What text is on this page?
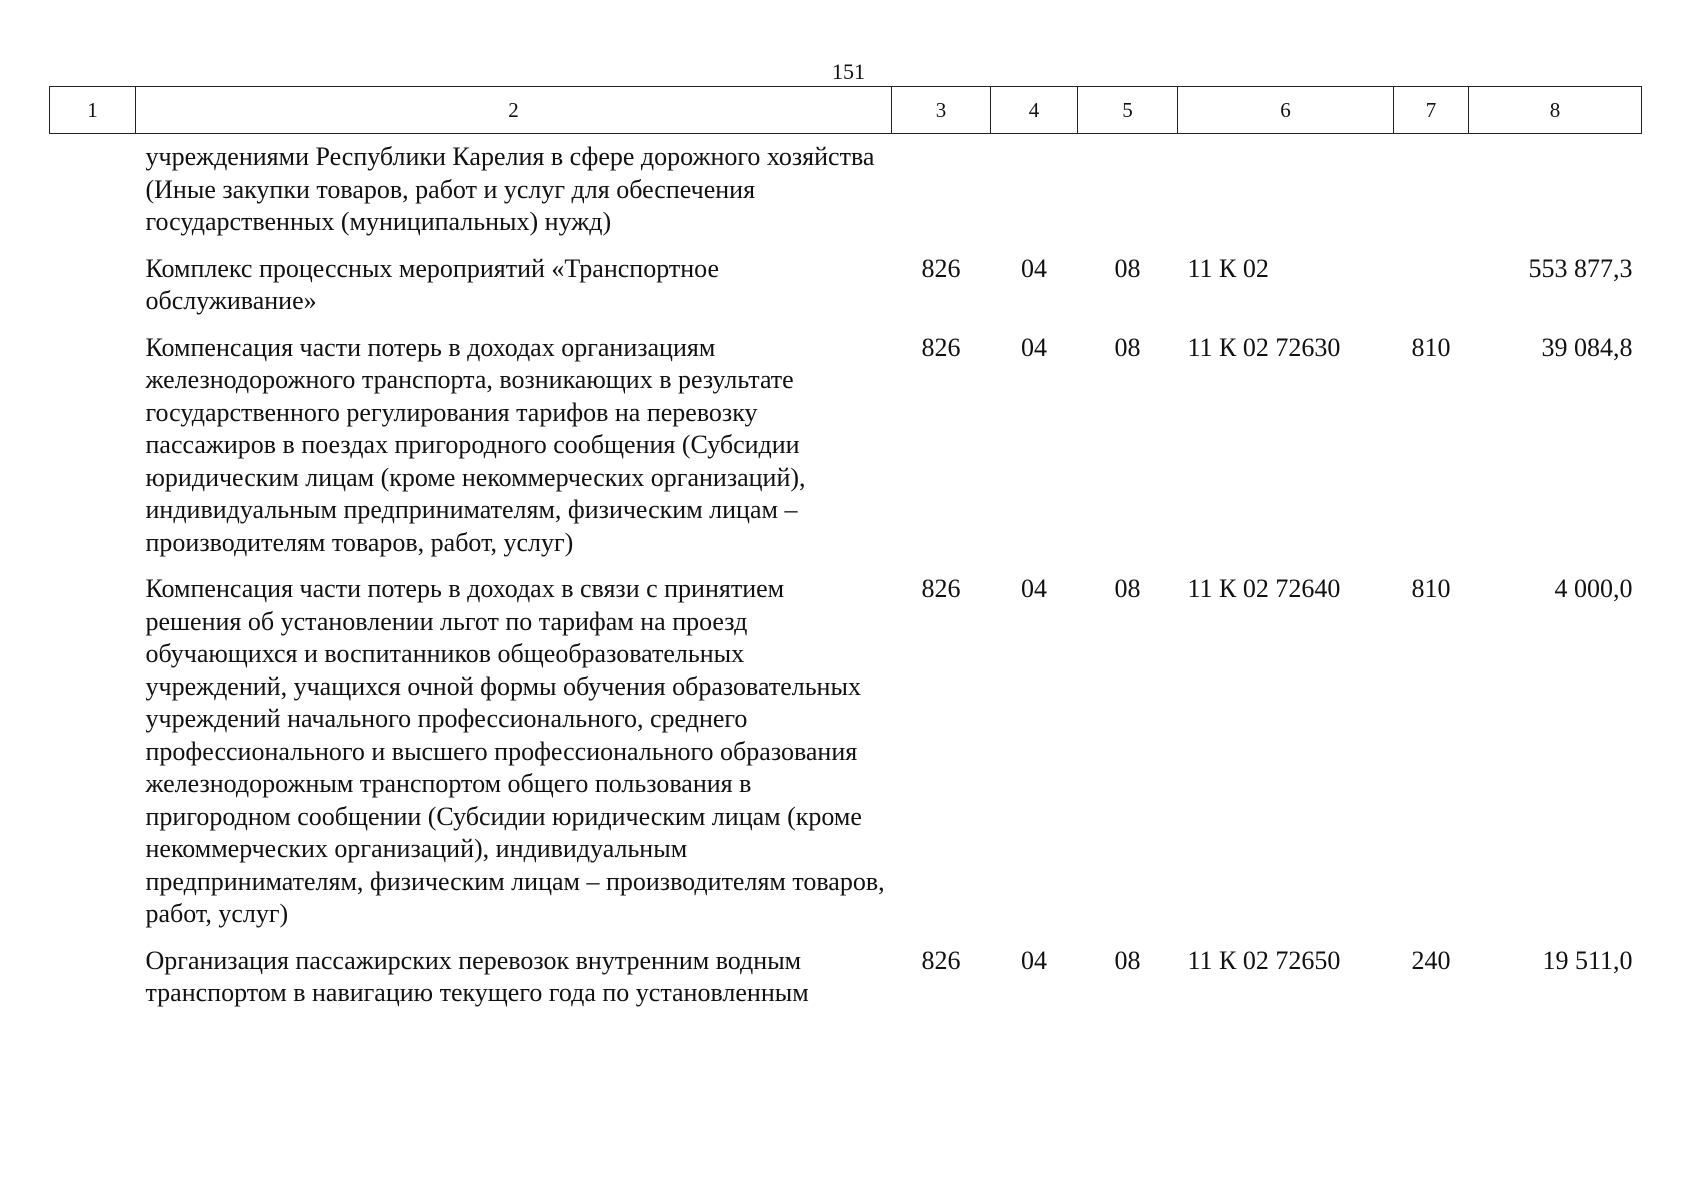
151
1	2	3	4	5	6	7	8
	учреждениями Республики Карелия в сфере дорожного хозяйства (Иные закупки товаров, работ и услуг для обеспечения государственных (муниципальных) нужд)						
	Комплекс процессных мероприятий «Транспортное обслуживание»	826	04	08	11 К 02		553 877,3
	Компенсация части потерь в доходах организациям железнодорожного транспорта, возникающих в результате государственного регулирования тарифов на перевозку пассажиров в поездах пригородного сообщения (Субсидии юридическим лицам (кроме некоммерческих организаций), индивидуальным предпринимателям, физическим лицам – производителям товаров, работ, услуг)	826	04	08	11 К 02 72630	810	39 084,8
	Компенсация части потерь в доходах в связи с принятием решения об установлении льгот по тарифам на проезд обучающихся и воспитанников общеобразовательных учреждений, учащихся очной формы обучения образовательных учреждений начального профессионального, среднего профессионального и высшего профессионального образования железнодорожным транспортом общего пользования в пригородном сообщении (Субсидии юридическим лицам (кроме некоммерческих организаций), индивидуальным предпринимателям, физическим лицам – производителям товаров, работ, услуг)	826	04	08	11 К 02 72640	810	4 000,0
	Организация пассажирских перевозок внутренним водным транспортом в навигацию текущего года по установленным	826	04	08	11 К 02 72650	240	19 511,0
